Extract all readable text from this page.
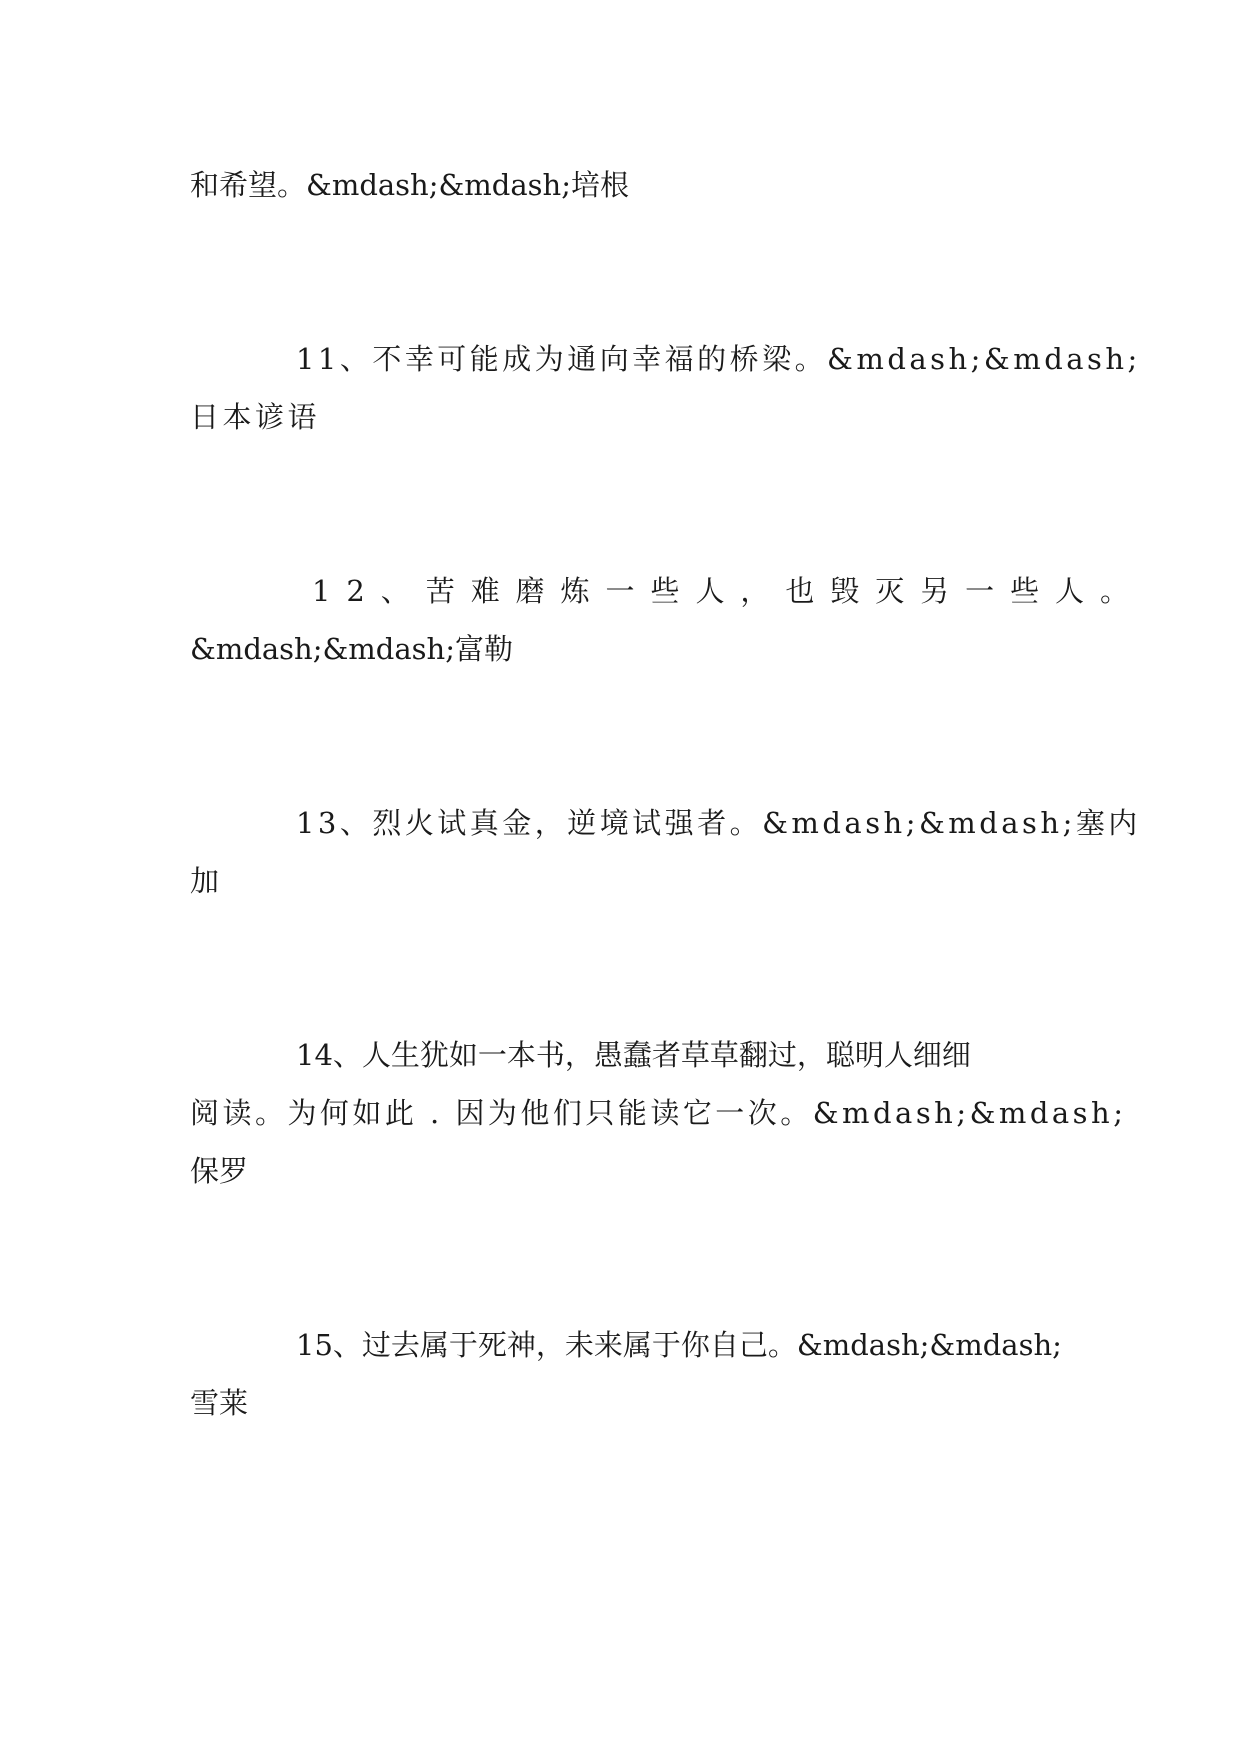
和希望。&mdash;&mdash;培根
11、不幸可能成为通向幸福的桥梁。&mdash;&mdash;
日本谚语
12、苦难磨炼一些人，也毁灭另一些人。
&mdash;&mdash;富勒
13、烈火试真金，逆境试强者。&mdash;&mdash;塞内
加
14、人生犹如一本书，愚蠢者草草翻过，聪明人细细
阅读。为何如此 . 因为他们只能读它一次。&mdash;&mdash;
保罗
15、过去属于死神，未来属于你自己。&mdash;&mdash;
雪莱
